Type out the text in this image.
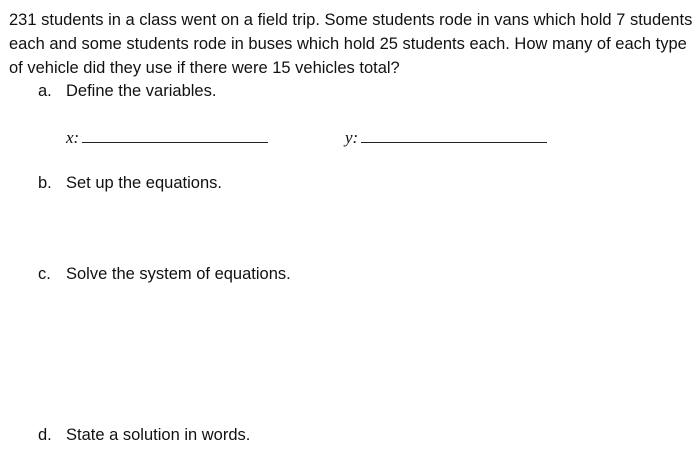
231 students in a class went on a field trip. Some students rode in vans which hold 7 students each and some students rode in buses which hold 25 students each. How many of each type of vehicle did they use if there were 15 vehicles total?

a. Define the variables.
x:	y:
b. Set up the equations.
c. Solve the system of equations.
d. State a solution in words.
